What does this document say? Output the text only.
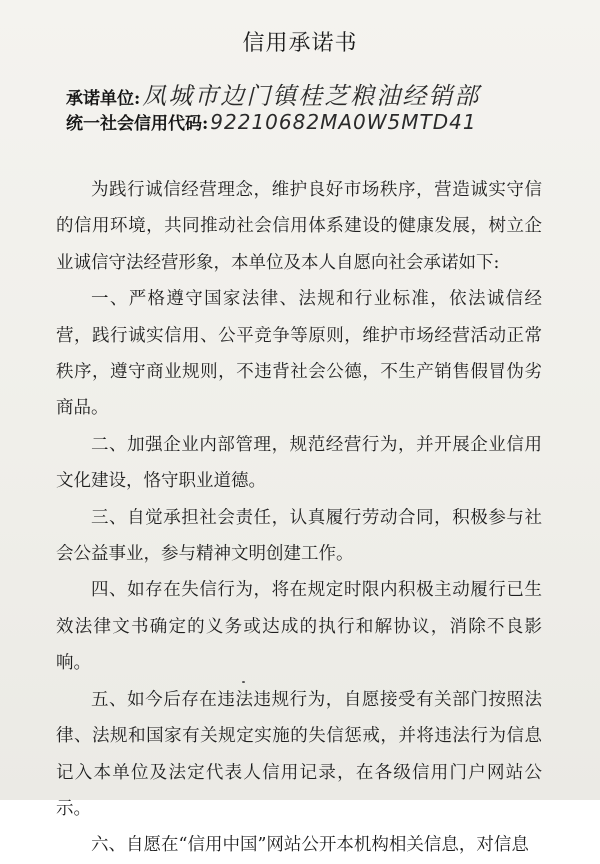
信用承诺书
承诺单位: 凤城市边门镇桂芝粮油经销部
统一社会信用代码: 92210682MA0W5MTD41

为践行诚信经营理念，维护良好市场秩序，营造诚实守信的信用环境，共同推动社会信用体系建设的健康发展，树立企业诚信守法经营形象，本单位及本人自愿向社会承诺如下:

一、严格遵守国家法律、法规和行业标准，依法诚信经营，践行诚实信用、公平竞争等原则，维护市场经营活动正常秩序，遵守商业规则，不违背社会公德，不生产销售假冒伪劣商品。

二、加强企业内部管理，规范经营行为，并开展企业信用文化建设，恪守职业道德。

三、自觉承担社会责任，认真履行劳动合同，积极参与社会公益事业，参与精神文明创建工作。

四、如存在失信行为，将在规定时限内积极主动履行已生效法律文书确定的义务或达成的执行和解协议，消除不良影响。

五、如今后存在违法违规行为，自愿接受有关部门按照法律、法规和国家有关规定实施的失信惩戒，并将违法行为信息记入本单位及法定代表人信用记录，在各级信用门户网站公示。

六、自愿在“信用中国”网站公开本机构相关信息，对信息
